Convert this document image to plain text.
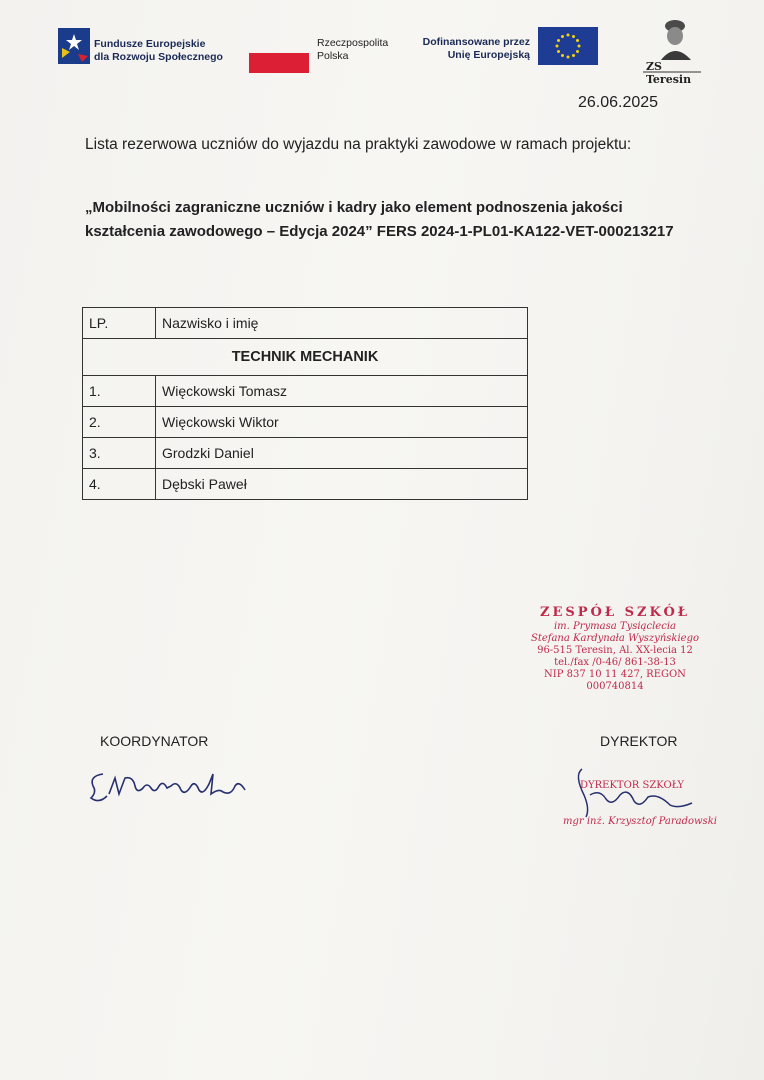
Fundusze Europejskie
dla Rozwoju Społecznego
Rzeczpospolita
Polska
Dofinansowane przez
Unię Europejską
ZS Teresin
26.06.2025
Lista rezerwowa uczniów do wyjazdu na praktyki zawodowe w ramach projektu:
„Mobilności zagraniczne uczniów i kadry jako element podnoszenia jakości kształcenia zawodowego – Edycja 2024” FERS 2024-1-PL01-KA122-VET-000213217
LP.	Nazwisko i imię
TECHNIK MECHANIK	
1.	Więckowski Tomasz
2.	Więckowski Wiktor
3.	Grodzki Daniel
4.	Dębski Paweł
ZESPÓŁ SZKÓŁ
im. Prymasa Tysiąclecia
Stefana Kardynała Wyszyńskiego
96-515 Teresin, Al. XX-lecia 12
tel./fax /0-46/ 861-38-13
NIP 837 10 11 427, REGON 000740814
KOORDYNATOR	DYREKTOR
DYREKTOR SZKOŁY
mgr inż. Krzysztof Paradowski
